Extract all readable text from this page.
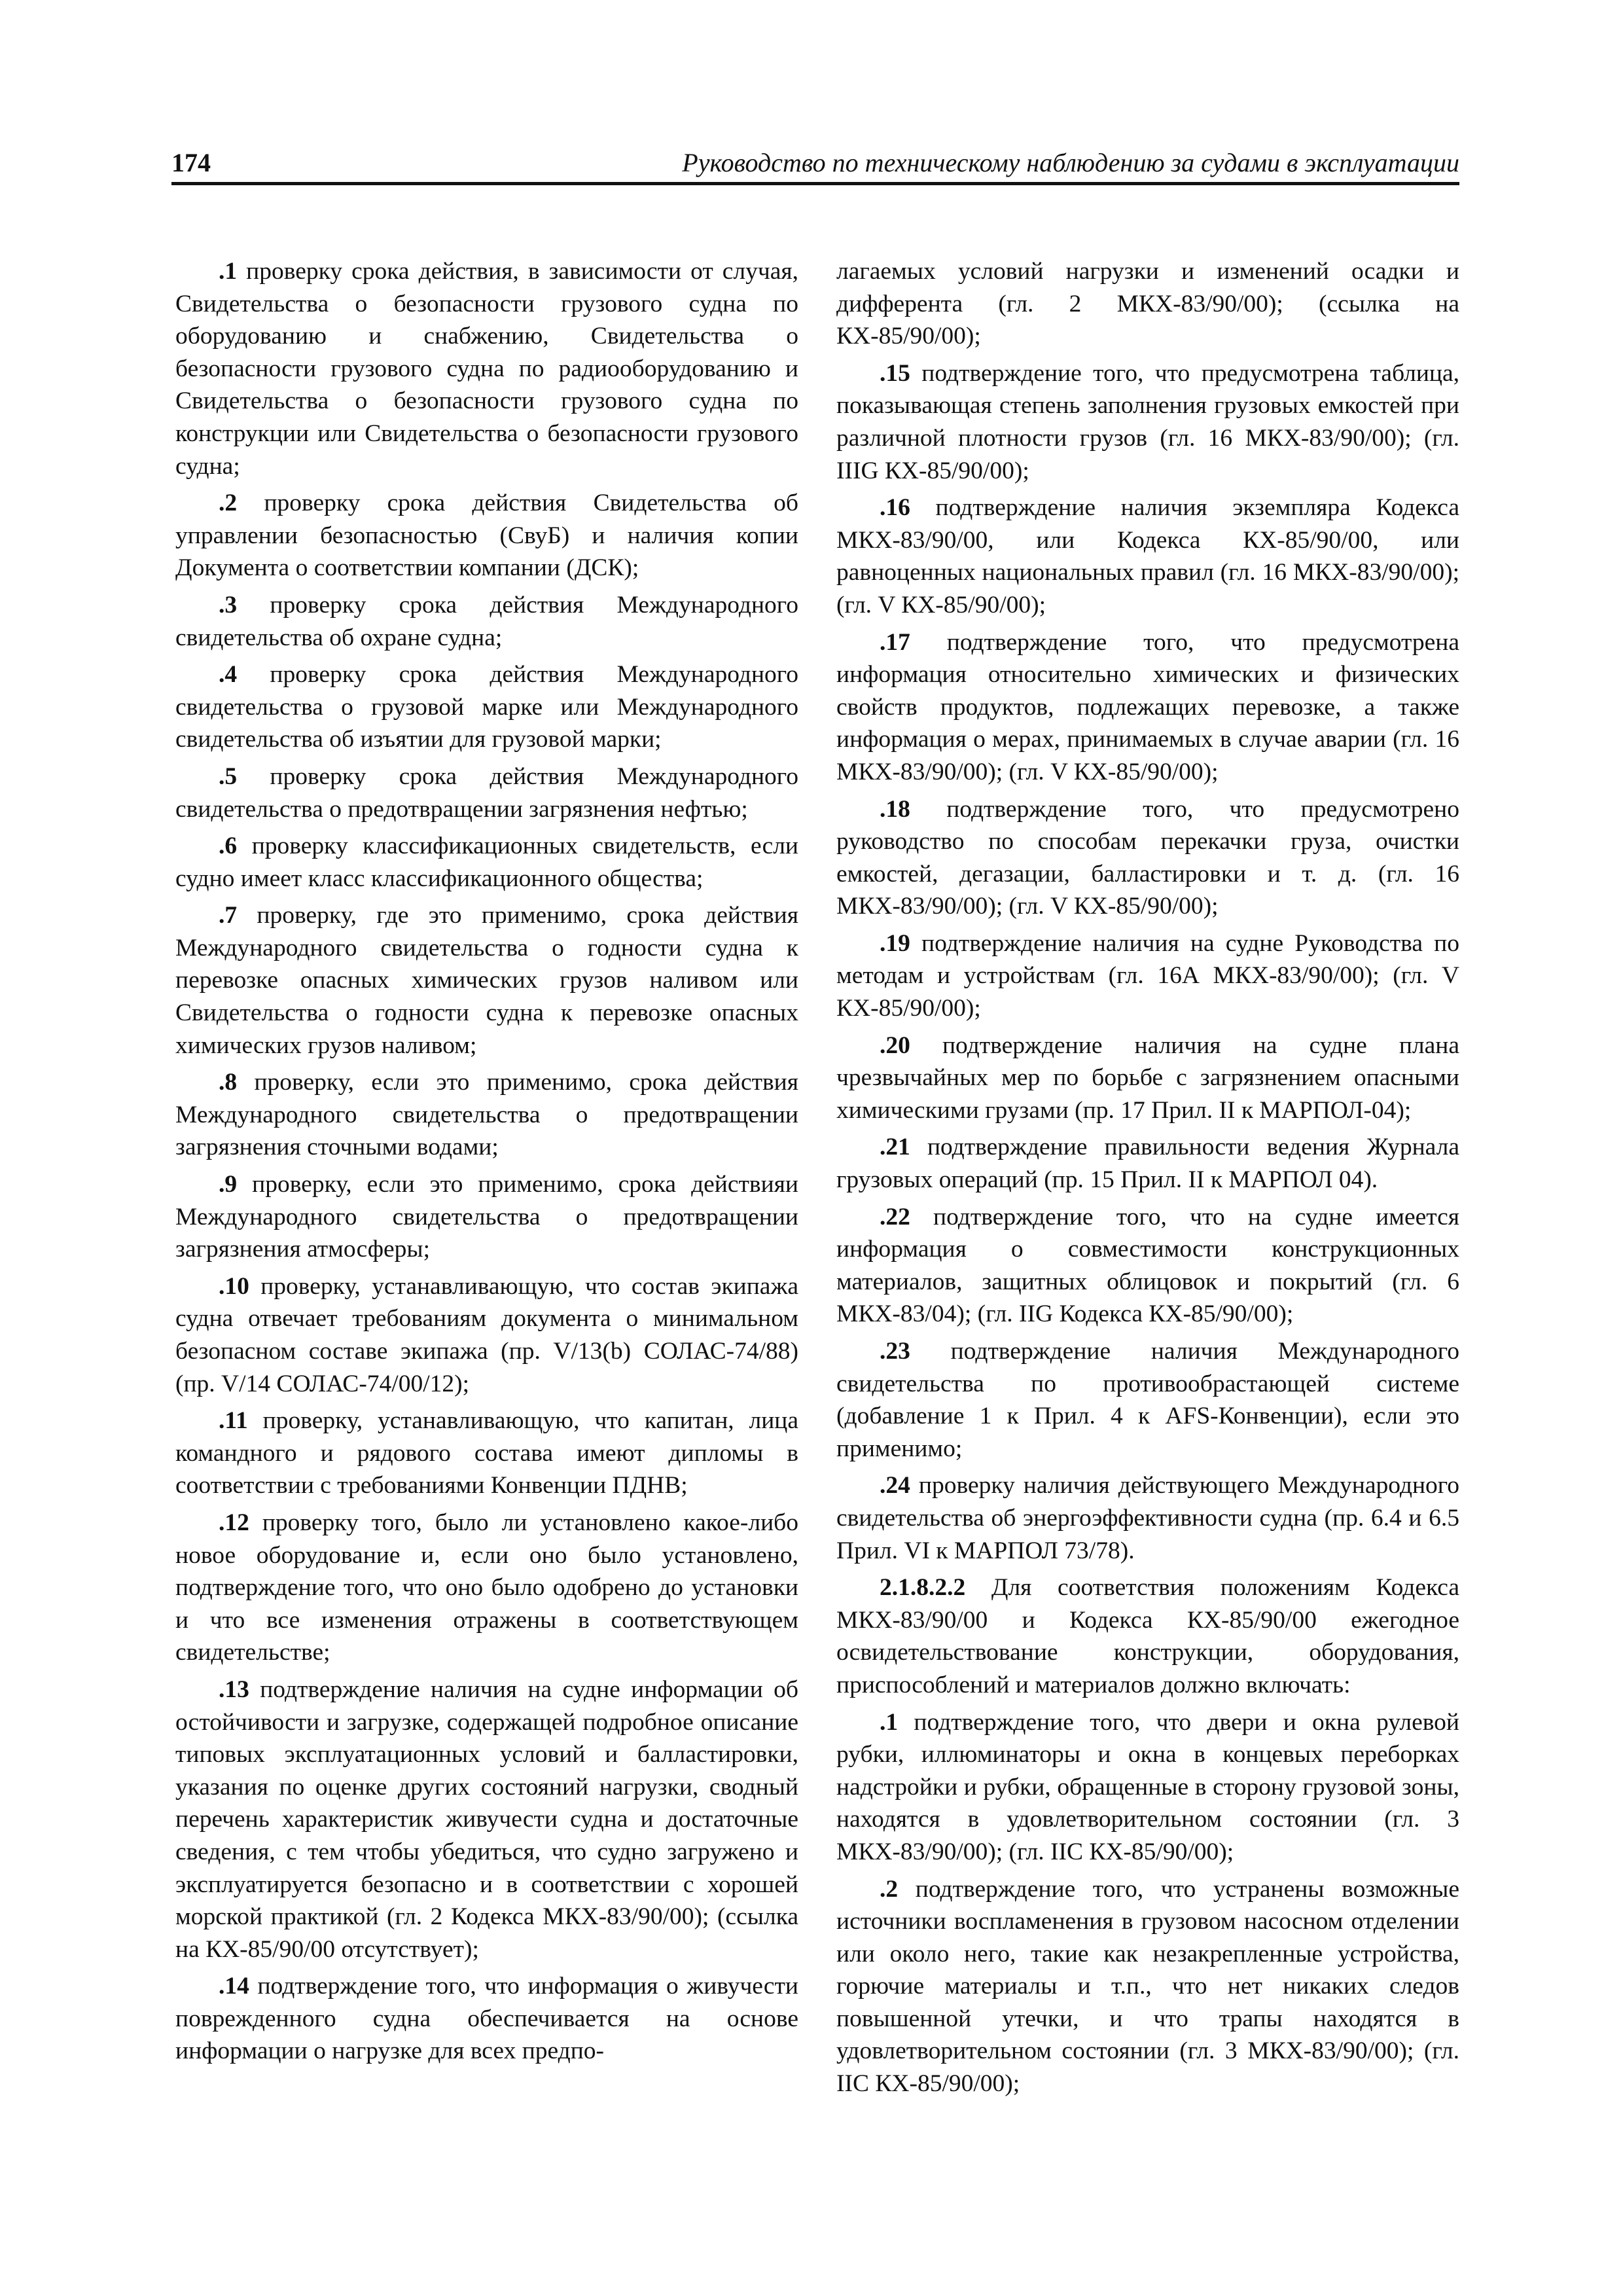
174	Руководство по техническому наблюдению за судами в эксплуатации

.1 проверку срока действия, в зависимости от случая, Свидетельства о безопасности грузового судна по оборудованию и снабжению, Свидетельства о безопасности грузового судна по радиооборудованию и Свидетельства о безопасности грузового судна по конструкции или Свидетельства о безопасности грузового судна;

.2 проверку срока действия Свидетельства об управлении безопасностью (СвуБ) и наличия копии Документа о соответствии компании (ДСК);

.3 проверку срока действия Международного свидетельства об охране судна;

.4 проверку срока действия Международного свидетельства о грузовой марке или Международного свидетельства об изъятии для грузовой марки;

.5 проверку срока действия Международного свидетельства о предотвращении загрязнения нефтью;

.6 проверку классификационных свидетельств, если судно имеет класс классификационного общества;

.7 проверку, где это применимо, срока действия Международного свидетельства о годности судна к перевозке опасных химических грузов наливом или Свидетельства о годности судна к перевозке опасных химических грузов наливом;

.8 проверку, если это применимо, срока действия Международного свидетельства о предотвращении загрязнения сточными водами;

.9 проверку, если это применимо, срока действияи Международного свидетельства о предотвращении загрязнения атмосферы;

.10 проверку, устанавливающую, что состав экипажа судна отвечает требованиям документа о минимальном безопасном составе экипажа (пр. V/13(b) СОЛАС-74/88) (пр. V/14 СОЛАС-74/00/12);

.11 проверку, устанавливающую, что капитан, лица командного и рядового состава имеют дипломы в соответствии с требованиями Конвенции ПДНВ;

.12 проверку того, было ли установлено какое-либо новое оборудование и, если оно было установлено, подтверждение того, что оно было одобрено до установки и что все изменения отражены в соответствующем свидетельстве;

.13 подтверждение наличия на судне информации об остойчивости и загрузке, содержащей подробное описание типовых эксплуатационных условий и балластировки, указания по оценке других состояний нагрузки, сводный перечень характеристик живучести судна и достаточные сведения, с тем чтобы убедиться, что судно загружено и эксплуатируется безопасно и в соответствии с хорошей морской практикой (гл. 2 Кодекса МКХ-83/90/00); (ссылка на КХ-85/90/00 отсутствует);

.14 подтверждение того, что информация о живучести поврежденного судна обеспечивается на основе информации о нагрузке для всех предпо-

лагаемых условий нагрузки и изменений осадки и дифферента (гл. 2 МКХ-83/90/00); (ссылка на КХ-85/90/00);

.15 подтверждение того, что предусмотрена таблица, показывающая степень заполнения грузовых емкостей при различной плотности грузов (гл. 16 МКХ-83/90/00); (гл. IIIG КХ-85/90/00);

.16 подтверждение наличия экземпляра Кодекса МКХ-83/90/00, или Кодекса КХ-85/90/00, или равноценных национальных правил (гл. 16 МКХ-83/90/00); (гл. V КХ-85/90/00);

.17 подтверждение того, что предусмотрена информация относительно химических и физических свойств продуктов, подлежащих перевозке, а также информация о мерах, принимаемых в случае аварии (гл. 16 МКХ-83/90/00); (гл. V КХ-85/90/00);

.18 подтверждение того, что предусмотрено руководство по способам перекачки груза, очистки емкостей, дегазации, балластировки и т. д. (гл. 16 МКХ-83/90/00); (гл. V КХ-85/90/00);

.19 подтверждение наличия на судне Руководства по методам и устройствам (гл. 16А МКХ-83/90/00); (гл. V КХ-85/90/00);

.20 подтверждение наличия на судне плана чрезвычайных мер по борьбе с загрязнением опасными химическими грузами (пр. 17 Прил. II к МАРПОЛ-04);

.21 подтверждение правильности ведения Журнала грузовых операций (пр. 15 Прил. II к МАРПОЛ 04).

.22 подтверждение того, что на судне имеется информация о совместимости конструкционных материалов, защитных облицовок и покрытий (гл. 6 МКХ-83/04); (гл. IIG Кодекса КХ-85/90/00);

.23 подтверждение наличия Международного свидетельства по противообрастающей системе (добавление 1 к Прил. 4 к AFS-Конвенции), если это применимо;

.24 проверку наличия действующего Международного свидетельства об энергоэффективности судна (пр. 6.4 и 6.5 Прил. VI к МАРПОЛ 73/78).

2.1.8.2.2 Для соответствия положениям Кодекса МКХ-83/90/00 и Кодекса КХ-85/90/00 ежегодное освидетельствование конструкции, оборудования, приспособлений и материалов должно включать:

.1 подтверждение того, что двери и окна рулевой рубки, иллюминаторы и окна в концевых переборках надстройки и рубки, обращенные в сторону грузовой зоны, находятся в удовлетворительном состоянии (гл. 3 МКХ-83/90/00); (гл. IIC КХ-85/90/00);

.2 подтверждение того, что устранены возможные источники воспламенения в грузовом насосном отделении или около него, такие как незакрепленные устройства, горючие материалы и т.п., что нет никаких следов повышенной утечки, и что трапы находятся в удовлетворительном состоянии (гл. 3 МКХ-83/90/00); (гл. IIC КХ-85/90/00);
